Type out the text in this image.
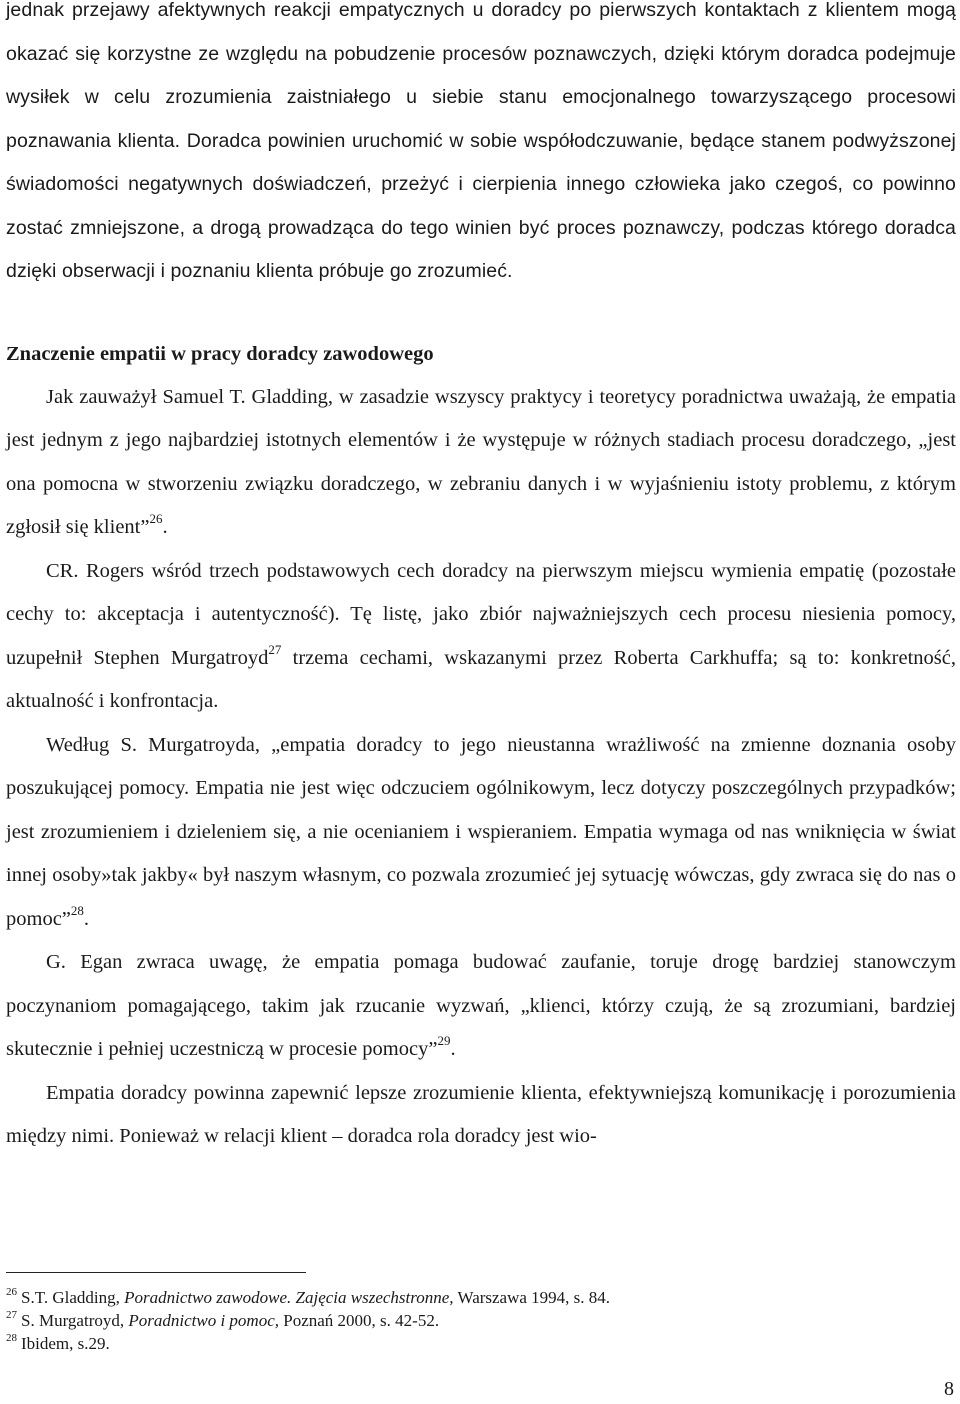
jednak przejawy afektywnych reakcji empatycznych u doradcy po pierwszych kontaktach z klientem mogą okazać się korzystne ze względu na pobudzenie procesów poznawczych, dzięki którym doradca podejmuje wysiłek w celu zrozumienia zaistniałego u siebie stanu emocjonalnego towarzyszącego procesowi poznawania klienta. Doradca powinien uruchomić w sobie współodczuwanie, będące stanem podwyższonej świadomości negatywnych doświadczeń, przeżyć i cierpienia innego człowieka jako czegoś, co powinno zostać zmniejszone, a drogą prowadząca do tego winien być proces poznawczy, podczas którego doradca dzięki obserwacji i poznaniu klienta próbuje go zrozumieć.

Znaczenie empatii w pracy doradcy zawodowego

Jak zauważył Samuel T. Gladding, w zasadzie wszyscy praktycy i teoretycy poradnictwa uważają, że empatia jest jednym z jego najbardziej istotnych elementów i że występuje w różnych stadiach procesu doradczego, „jest ona pomocna w stworzeniu związku doradczego, w zebraniu danych i w wyjaśnieniu istoty problemu, z którym zgłosił się klient”$^{26}$.

CR. Rogers wśród trzech podstawowych cech doradcy na pierwszym miejscu wymienia empatię (pozostałe cechy to: akceptacja i autentyczność). Tę listę, jako zbiór najważniejszych cech procesu niesienia pomocy, uzupełnił Stephen Murgatroyd$^{27}$ trzema cechami, wskazanymi przez Roberta Carkhuffa; są to: konkretność, aktualność i konfrontacja.

Według S. Murgatroyda, „empatia doradcy to jego nieustanna wrażliwość na zmienne doznania osoby poszukującej pomocy. Empatia nie jest więc odczuciem ogólnikowym, lecz dotyczy poszczególnych przypadków; jest zrozumieniem i dzieleniem się, a nie ocenianiem i wspieraniem. Empatia wymaga od nas wniknięcia w świat innej osoby»tak jakby« był naszym własnym, co pozwala zrozumieć jej sytuację wówczas, gdy zwraca się do nas o pomoc”$^{28}$.

G. Egan zwraca uwagę, że empatia pomaga budować zaufanie, toruje drogę bardziej stanowczym poczynaniom pomagającego, takim jak rzucanie wyzwań, „klienci, którzy czują, że są zrozumiani, bardziej skutecznie i pełniej uczestniczą w procesie pomocy”$^{29}$.

Empatia doradcy powinna zapewnić lepsze zrozumienie klienta, efektywniejszą komunikację i porozumienia między nimi. Ponieważ w relacji klient – doradca rola doradcy jest wio-

$^{26}$ S.T. Gladding, Poradnictwo zawodowe. Zajęcia wszechstronne, Warszawa 1994, s. 84.

$^{27}$ S. Murgatroyd, Poradnictwo i pomoc, Poznań 2000, s. 42-52.

$^{28}$ Ibidem, s.29.

8
